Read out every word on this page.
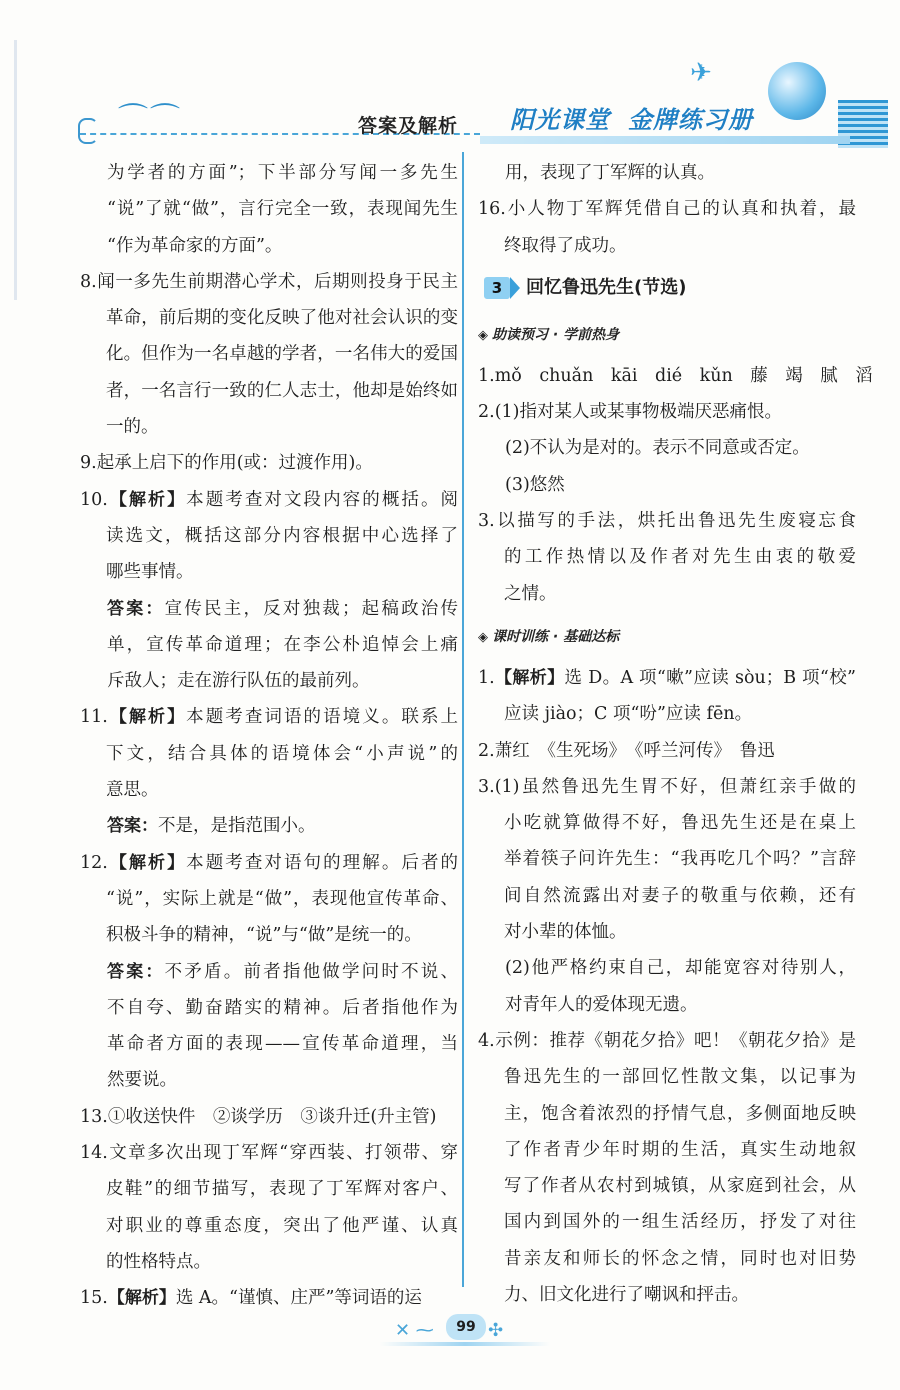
✈
⌒⌒	答案及解析 阳光课堂 金牌练习册
为学者的方面”；下半部分写闻一多先生
“说”了就“做”，言行完全一致，表现闻先生
“作为革命家的方面”。
8.闻一多先生前期潜心学术，后期则投身于民主
革命，前后期的变化反映了他对社会认识的变
化。但作为一名卓越的学者，一名伟大的爱国
者，一名言行一致的仁人志士，他却是始终如
一的。
9.起承上启下的作用(或：过渡作用)。
10.【解析】本题考查对文段内容的概括。阅
读选文，概括这部分内容根据中心选择了
哪些事情。
答案：宣传民主，反对独裁；起稿政治传
单，宣传革命道理；在李公朴追悼会上痛
斥敌人；走在游行队伍的最前列。
11.【解析】本题考查词语的语境义。联系上
下文，结合具体的语境体会“小声说”的
意思。
答案：不是，是指范围小。
12.【解析】本题考查对语句的理解。后者的
“说”，实际上就是“做”，表现他宣传革命、
积极斗争的精神，“说”与“做”是统一的。
答案：不矛盾。前者指他做学问时不说、
不自夸、勤奋踏实的精神。后者指他作为
革命者方面的表现——宣传革命道理，当
然要说。
13.①收送快件　②谈学历　③谈升迁(升主管)
14.文章多次出现丁军辉“穿西装、打领带、穿
皮鞋”的细节描写，表现了丁军辉对客户、
对职业的尊重态度，突出了他严谨、认真
的性格特点。
15.【解析】选 A。“谨慎、庄严”等词语的运
用，表现了丁军辉的认真。
16.小人物丁军辉凭借自己的认真和执着，最
终取得了成功。
3	回忆鲁迅先生(节选)
◈ 助读预习 · 学前热身
1.mǒ　chuǎn　kāi　dié　kǔn　藤　竭　腻　滔
2.(1)指对某人或某事物极端厌恶痛恨。
(2)不认为是对的。表示不同意或否定。
(3)悠然
3.以描写的手法，烘托出鲁迅先生废寝忘食
的工作热情以及作者对先生由衷的敬爱
之情。
◈ 课时训练 · 基础达标
1.【解析】选 D。A 项“嗽”应读 sòu；B 项“校”
应读 jiào；C 项“吩”应读 fēn。
2.萧红　《生死场》　《呼兰河传》　鲁迅
3.(1)虽然鲁迅先生胃不好，但萧红亲手做的
小吃就算做得不好，鲁迅先生还是在桌上
举着筷子问许先生：“我再吃几个吗？”言辞
间自然流露出对妻子的敬重与依赖，还有
对小辈的体恤。
(2)他严格约束自己，却能宽容对待别人，
对青年人的爱体现无遗。
4.示例：推荐《朝花夕拾》吧！《朝花夕拾》是
鲁迅先生的一部回忆性散文集，以记事为
主，饱含着浓烈的抒情气息，多侧面地反映
了作者青少年时期的生活，真实生动地叙
写了作者从农村到城镇，从家庭到社会，从
国内到国外的一组生活经历，抒发了对往
昔亲友和师长的怀念之情，同时也对旧势
力、旧文化进行了嘲讽和抨击。
✕ ⁓	99 ✣
